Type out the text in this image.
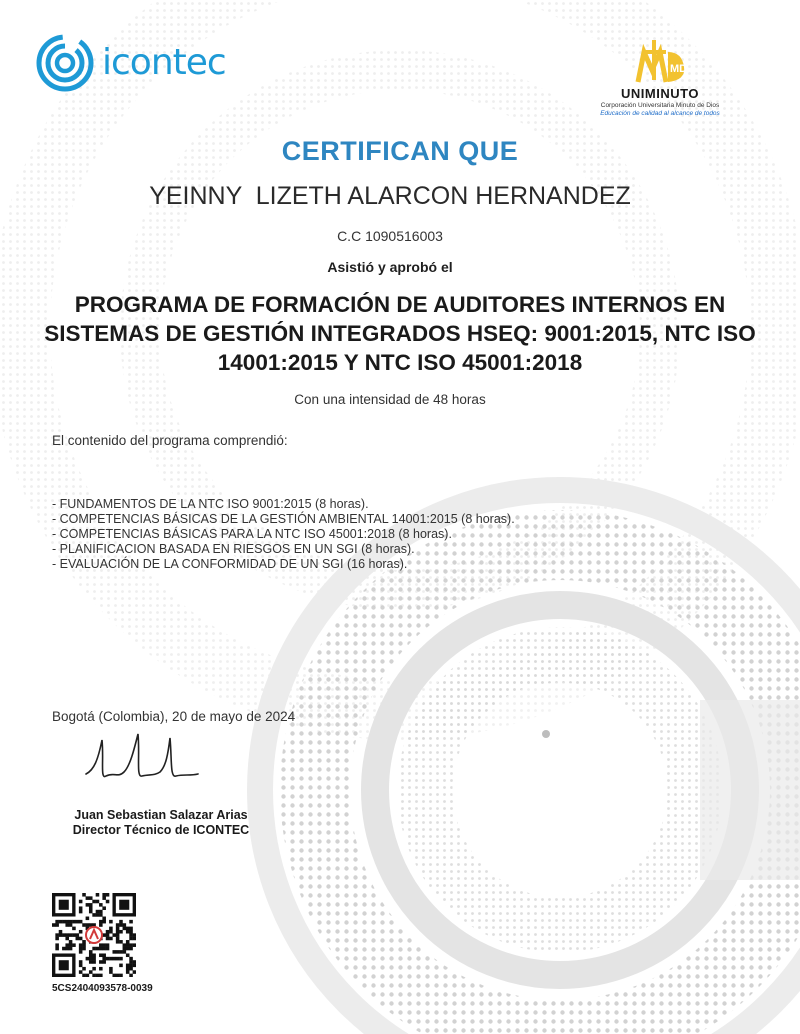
icontec	MD
UNIMINUTO
Corporación Universitaria Minuto de Dios
Educación de calidad al alcance de todos
CERTIFICAN QUE
YEINNY  LIZETH ALARCON HERNANDEZ
C.C 1090516003
Asistió y aprobó el
PROGRAMA DE FORMACIÓN DE AUDITORES INTERNOS EN SISTEMAS DE GESTIÓN INTEGRADOS HSEQ: 9001:2015, NTC ISO 14001:2015 Y NTC ISO 45001:2018
Con una intensidad de 48 horas
El contenido del programa comprendió:
- FUNDAMENTOS DE LA NTC ISO 9001:2015 (8 horas).
- COMPETENCIAS BÁSICAS DE LA GESTIÓN AMBIENTAL 14001:2015 (8 horas).
- COMPETENCIAS BÁSICAS PARA LA NTC ISO 45001:2018 (8 horas).
- PLANIFICACION BASADA EN RIESGOS EN UN SGI (8 horas).
- EVALUACIÓN DE LA CONFORMIDAD DE UN SGI (16 horas).
Bogotá (Colombia), 20 de mayo de 2024
Juan Sebastian Salazar Arias
Director Técnico de ICONTEC
5CS2404093578-0039
